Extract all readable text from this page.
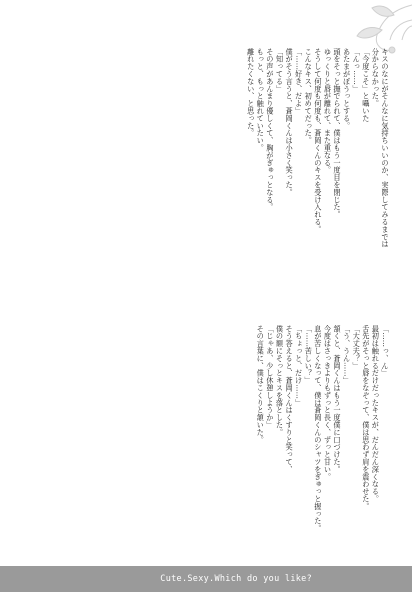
キスのなにがそんなに気持ちいいのか、実際してみるまでは
分からなかった。
「今度こそ」と囁いた
「んっ……」
あたまがぼうっとする。
頭をそっと撫でられて、僕はもう一度目を閉じた。
ゆっくりと唇が離れて、また重なる。
そうして何度も何度も、蒼岡くんのキスを受け入れる。
こんなキス、初めてだった。
「……好き、だよ」
僕がそう言うと、蒼岡くんは小さく笑った。
「知ってる」
その声があんまり優しくて、胸がぎゅっとなる。
もっと、もっと触れていたい。
離れたくない、と思った。
「……っ、ん」
最初は触れるだけだったキスが、だんだん深くなる。
舌先がそっと唇をなぞって、僕は思わず肩を震わせた。
「大丈夫？」
「う、うん……」
頷くと、蒼岡くんはもう一度僕に口づけた。
今度はさっきよりもずっと長く、ずっと甘い。
息が苦しくなって、僕は蒼岡くんのシャツをぎゅっと握った。
「……苦しい？」
「ちょっと、だけ……」
そう答えると、蒼岡くんはくすりと笑って、
僕の額にそっとキスを落とした。
「じゃあ、少し休憩しようか」
その言葉に、僕はこくりと頷いた。
Cute.Sexy.Which do you like?
